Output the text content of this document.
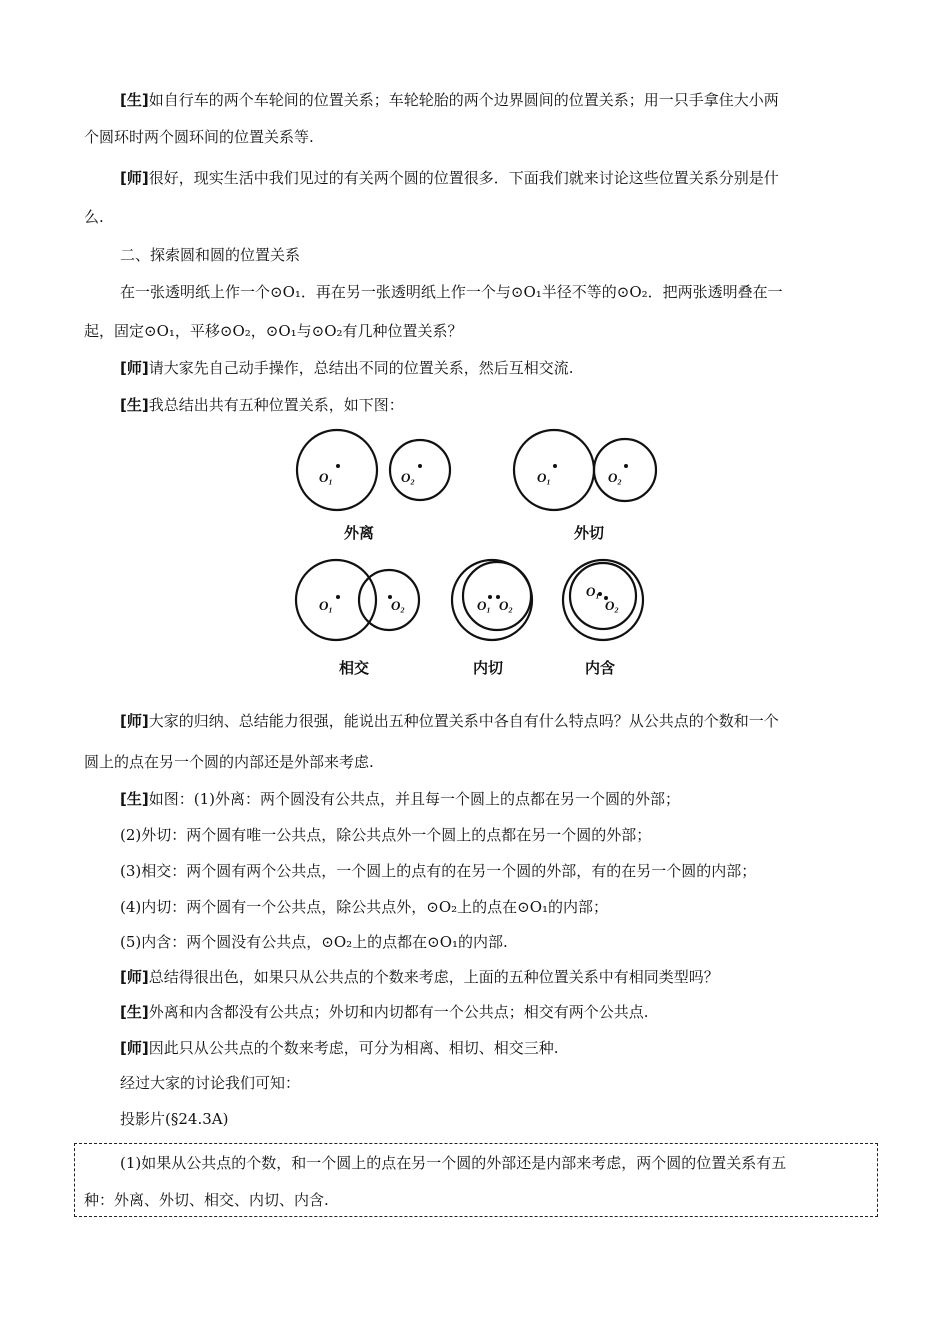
[生]如自行车的两个车轮间的位置关系；车轮轮胎的两个边界圆间的位置关系；用一只手拿住大小两
个圆环时两个圆环间的位置关系等.
[师]很好，现实生活中我们见过的有关两个圆的位置很多．下面我们就来讨论这些位置关系分别是什
么.
二、探索圆和圆的位置关系
在一张透明纸上作一个⊙O₁．再在另一张透明纸上作一个与⊙O₁半径不等的⊙O₂．把两张透明叠在一
起，固定⊙O₁，平移⊙O₂，⊙O₁与⊙O₂有几种位置关系？
[师]请大家先自己动手操作，总结出不同的位置关系，然后互相交流.
[生]我总结出共有五种位置关系，如下图：
O₁	O₂	O₁	O₂
O₁	O₂	O₁ O₂
O₁
O₂
外离	外切
相交	内切	内含
[师]大家的归纳、总结能力很强，能说出五种位置关系中各自有什么特点吗？从公共点的个数和一个
圆上的点在另一个圆的内部还是外部来考虑.
[生]如图：(1)外离：两个圆没有公共点，并且每一个圆上的点都在另一个圆的外部；
(2)外切：两个圆有唯一公共点，除公共点外一个圆上的点都在另一个圆的外部；
(3)相交：两个圆有两个公共点，一个圆上的点有的在另一个圆的外部，有的在另一个圆的内部；
(4)内切：两个圆有一个公共点，除公共点外，⊙O₂上的点在⊙O₁的内部；
(5)内含：两个圆没有公共点，⊙O₂上的点都在⊙O₁的内部.
[师]总结得很出色，如果只从公共点的个数来考虑，上面的五种位置关系中有相同类型吗？
[生]外离和内含都没有公共点；外切和内切都有一个公共点；相交有两个公共点.
[师]因此只从公共点的个数来考虑，可分为相离、相切、相交三种.
经过大家的讨论我们可知：
投影片(§24.3A)
(1)如果从公共点的个数，和一个圆上的点在另一个圆的外部还是内部来考虑，两个圆的位置关系有五
种：外离、外切、相交、内切、内含.
